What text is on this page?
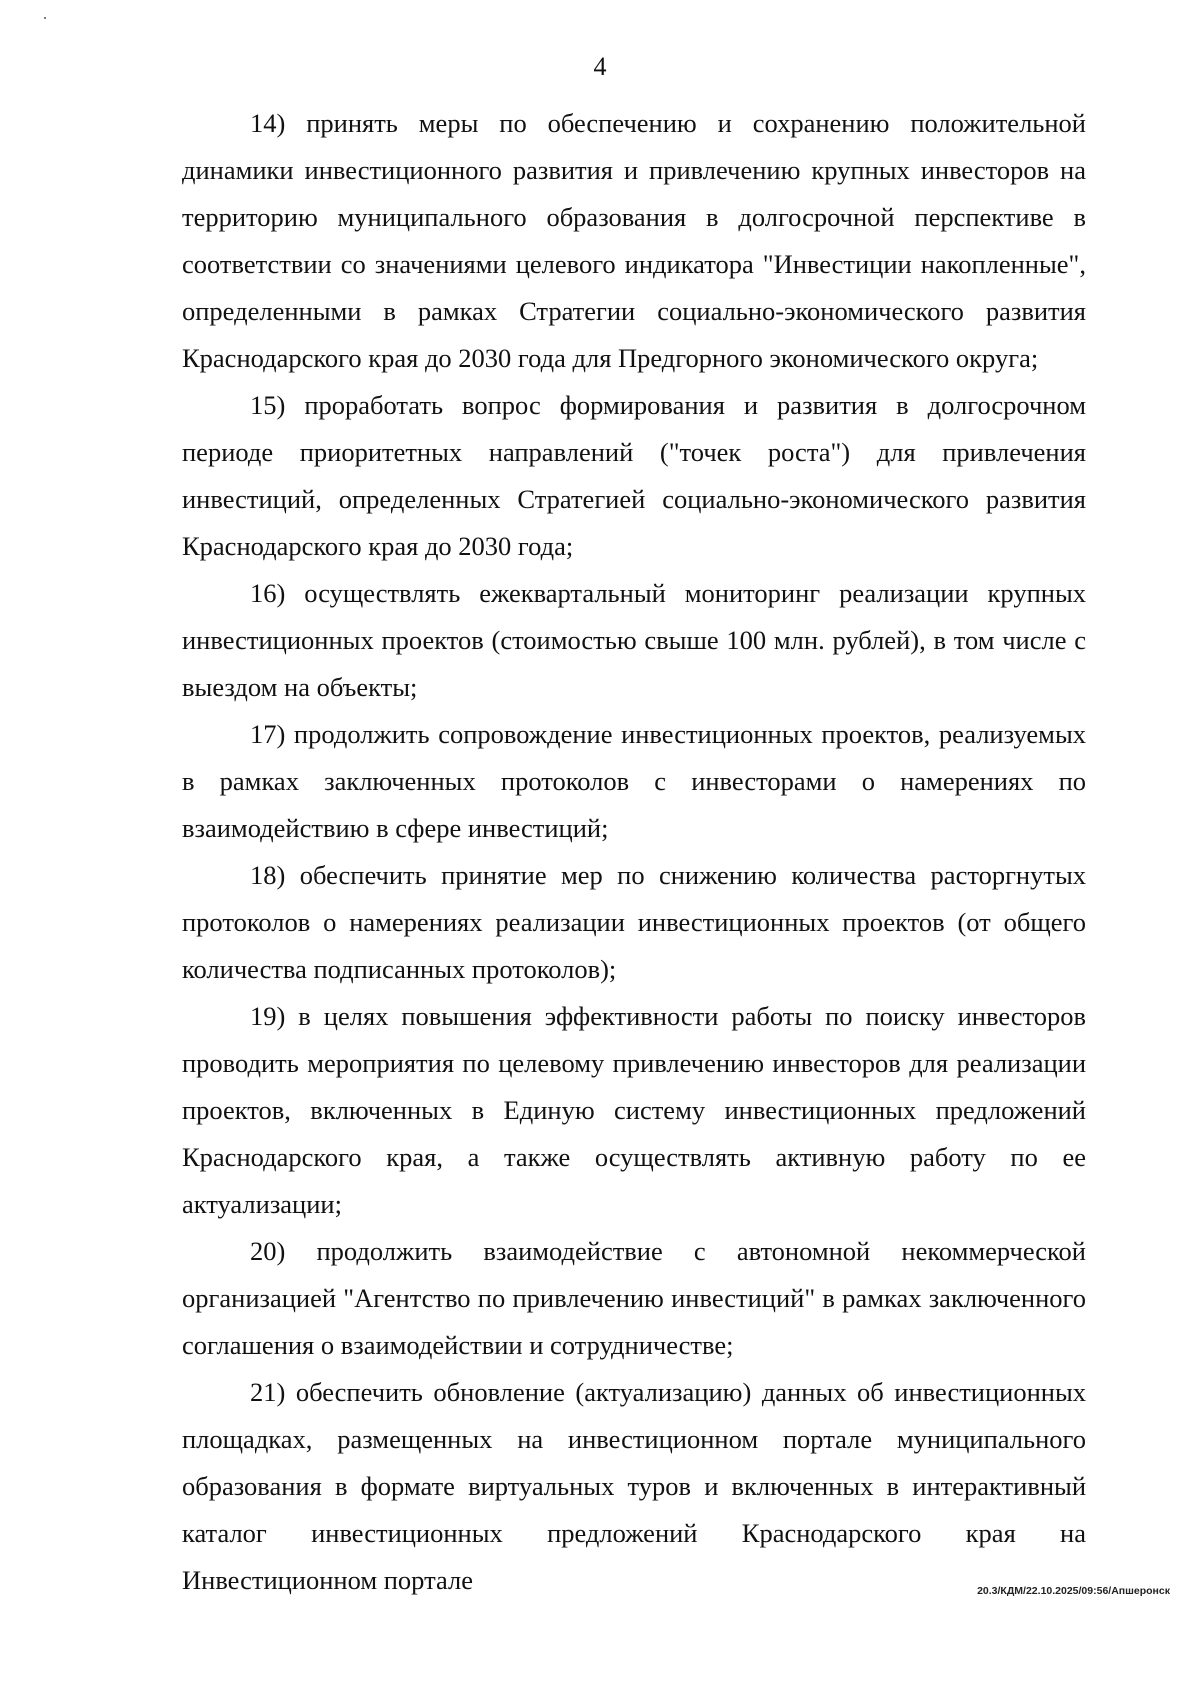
4

14) принять меры по обеспечению и сохранению положительной динамики инвестиционного развития и привлечению крупных инвесторов на территорию муниципального образования в долгосрочной перспективе в соответствии со значениями целевого индикатора "Инвестиции накопленные", определенными в рамках Стратегии социально-экономического развития Краснодарского края до 2030 года для Предгорного экономического округа;

15) проработать вопрос формирования и развития в долгосрочном периоде приоритетных направлений ("точек роста") для привлечения инвестиций, определенных Стратегией социально-экономического развития Краснодарского края до 2030 года;

16) осуществлять ежеквартальный мониторинг реализации крупных инвестиционных проектов (стоимостью свыше 100 млн. рублей), в том числе с выездом на объекты;

17) продолжить сопровождение инвестиционных проектов, реализуемых в рамках заключенных протоколов с инвесторами о намерениях по взаимодействию в сфере инвестиций;

18) обеспечить принятие мер по снижению количества расторгнутых протоколов о намерениях реализации инвестиционных проектов (от общего количества подписанных протоколов);

19) в целях повышения эффективности работы по поиску инвесторов проводить мероприятия по целевому привлечению инвесторов для реализации проектов, включенных в Единую систему инвестиционных предложений Краснодарского края, а также осуществлять активную работу по ее актуализации;

20) продолжить взаимодействие с автономной некоммерческой организацией "Агентство по привлечению инвестиций" в рамках заключенного соглашения о взаимодействии и сотрудничестве;

21) обеспечить обновление (актуализацию) данных об инвестиционных площадках, размещенных на инвестиционном портале муниципального образования в формате виртуальных туров и включенных в интерактивный каталог инвестиционных предложений Краснодарского края на Инвестиционном портале	20.3/КДМ/22.10.2025/09:56/Апшеронск
